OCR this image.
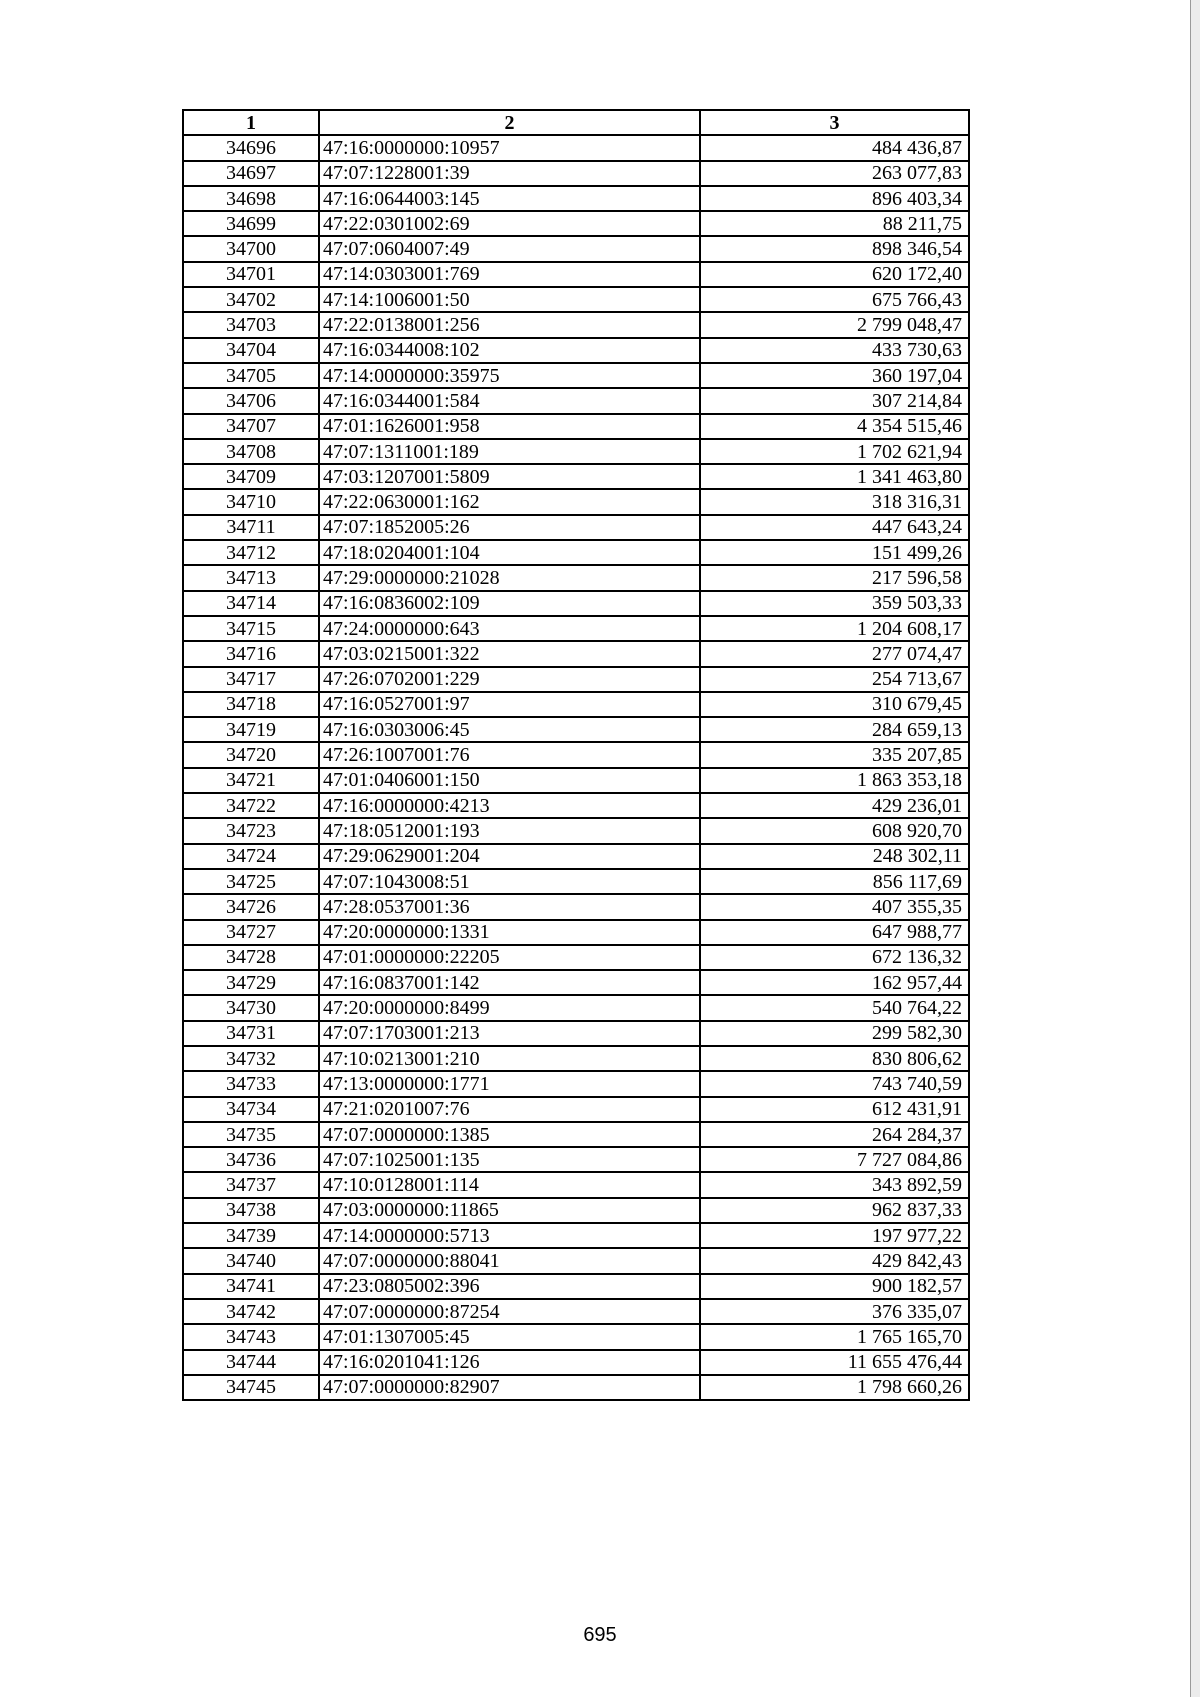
1	2	3
34696	47:16:0000000:10957	484 436,87
34697	47:07:1228001:39	263 077,83
34698	47:16:0644003:145	896 403,34
34699	47:22:0301002:69	88 211,75
34700	47:07:0604007:49	898 346,54
34701	47:14:0303001:769	620 172,40
34702	47:14:1006001:50	675 766,43
34703	47:22:0138001:256	2 799 048,47
34704	47:16:0344008:102	433 730,63
34705	47:14:0000000:35975	360 197,04
34706	47:16:0344001:584	307 214,84
34707	47:01:1626001:958	4 354 515,46
34708	47:07:1311001:189	1 702 621,94
34709	47:03:1207001:5809	1 341 463,80
34710	47:22:0630001:162	318 316,31
34711	47:07:1852005:26	447 643,24
34712	47:18:0204001:104	151 499,26
34713	47:29:0000000:21028	217 596,58
34714	47:16:0836002:109	359 503,33
34715	47:24:0000000:643	1 204 608,17
34716	47:03:0215001:322	277 074,47
34717	47:26:0702001:229	254 713,67
34718	47:16:0527001:97	310 679,45
34719	47:16:0303006:45	284 659,13
34720	47:26:1007001:76	335 207,85
34721	47:01:0406001:150	1 863 353,18
34722	47:16:0000000:4213	429 236,01
34723	47:18:0512001:193	608 920,70
34724	47:29:0629001:204	248 302,11
34725	47:07:1043008:51	856 117,69
34726	47:28:0537001:36	407 355,35
34727	47:20:0000000:1331	647 988,77
34728	47:01:0000000:22205	672 136,32
34729	47:16:0837001:142	162 957,44
34730	47:20:0000000:8499	540 764,22
34731	47:07:1703001:213	299 582,30
34732	47:10:0213001:210	830 806,62
34733	47:13:0000000:1771	743 740,59
34734	47:21:0201007:76	612 431,91
34735	47:07:0000000:1385	264 284,37
34736	47:07:1025001:135	7 727 084,86
34737	47:10:0128001:114	343 892,59
34738	47:03:0000000:11865	962 837,33
34739	47:14:0000000:5713	197 977,22
34740	47:07:0000000:88041	429 842,43
34741	47:23:0805002:396	900 182,57
34742	47:07:0000000:87254	376 335,07
34743	47:01:1307005:45	1 765 165,70
34744	47:16:0201041:126	11 655 476,44
34745	47:07:0000000:82907	1 798 660,26
695
